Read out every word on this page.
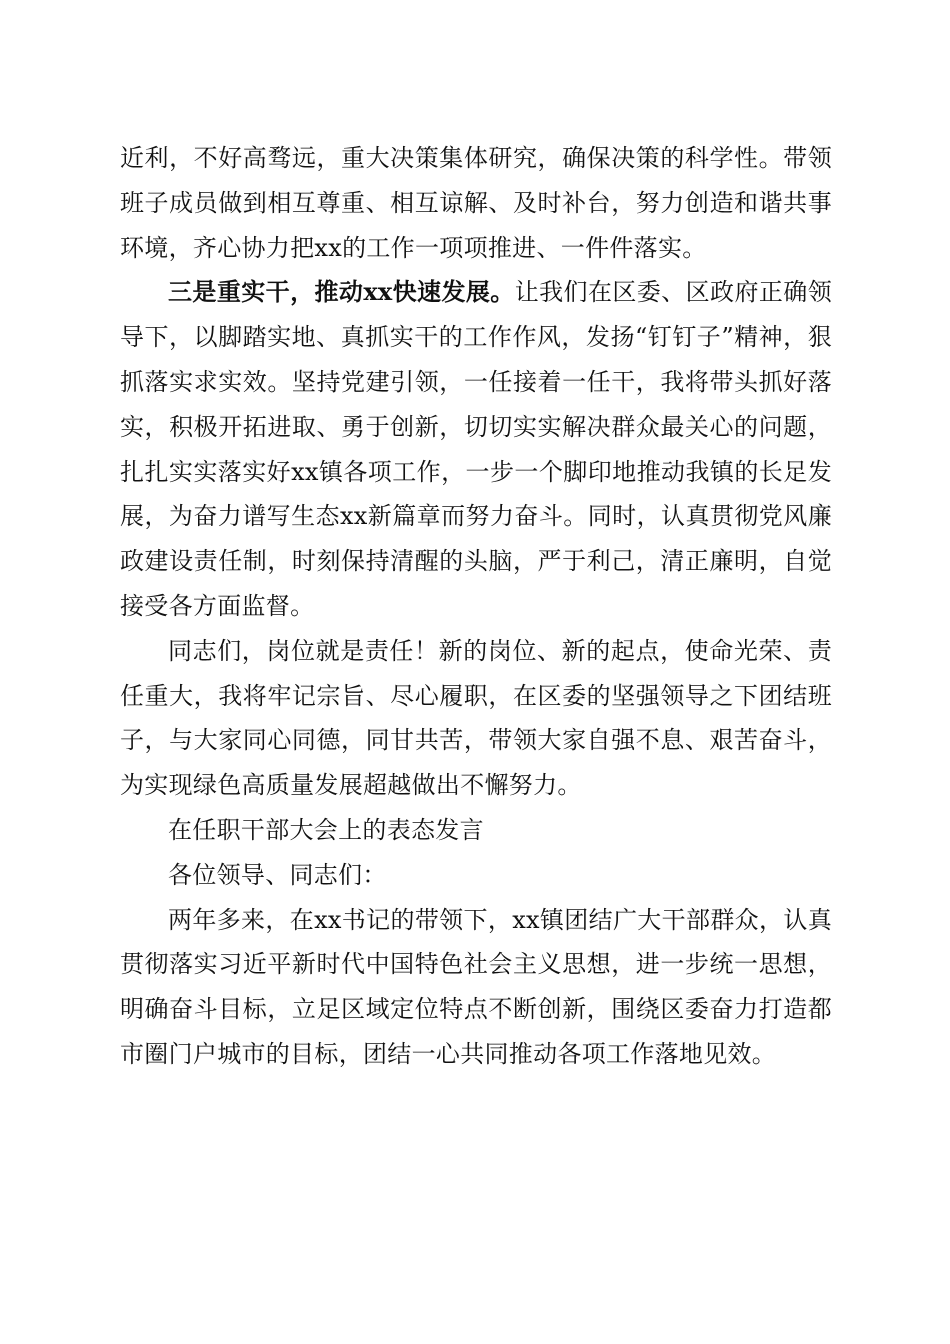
近利，不好高骛远，重大决策集体研究，确保决策的科学性。带领班子成员做到相互尊重、相互谅解、及时补台，努力创造和谐共事环境，齐心协力把xx的工作一项项推进、一件件落实。

三是重实干，推动xx快速发展。让我们在区委、区政府正确领导下，以脚踏实地、真抓实干的工作作风，发扬“钉钉子”精神，狠抓落实求实效。坚持党建引领，一任接着一任干，我将带头抓好落实，积极开拓进取、勇于创新，切切实实解决群众最关心的问题，扎扎实实落实好xx镇各项工作，一步一个脚印地推动我镇的长足发展，为奋力谱写生态xx新篇章而努力奋斗。同时，认真贯彻党风廉政建设责任制，时刻保持清醒的头脑，严于利己，清正廉明，自觉接受各方面监督。

同志们，岗位就是责任！新的岗位、新的起点，使命光荣、责任重大，我将牢记宗旨、尽心履职，在区委的坚强领导之下团结班子，与大家同心同德，同甘共苦，带领大家自强不息、艰苦奋斗，为实现绿色高质量发展超越做出不懈努力。

在任职干部大会上的表态发言

各位领导、同志们：

两年多来，在xx书记的带领下，xx镇团结广大干部群众，认真贯彻落实习近平新时代中国特色社会主义思想，进一步统一思想，明确奋斗目标，立足区域定位特点不断创新，围绕区委奋力打造都市圈门户城市的目标，团结一心共同推动各项工作落地见效。
